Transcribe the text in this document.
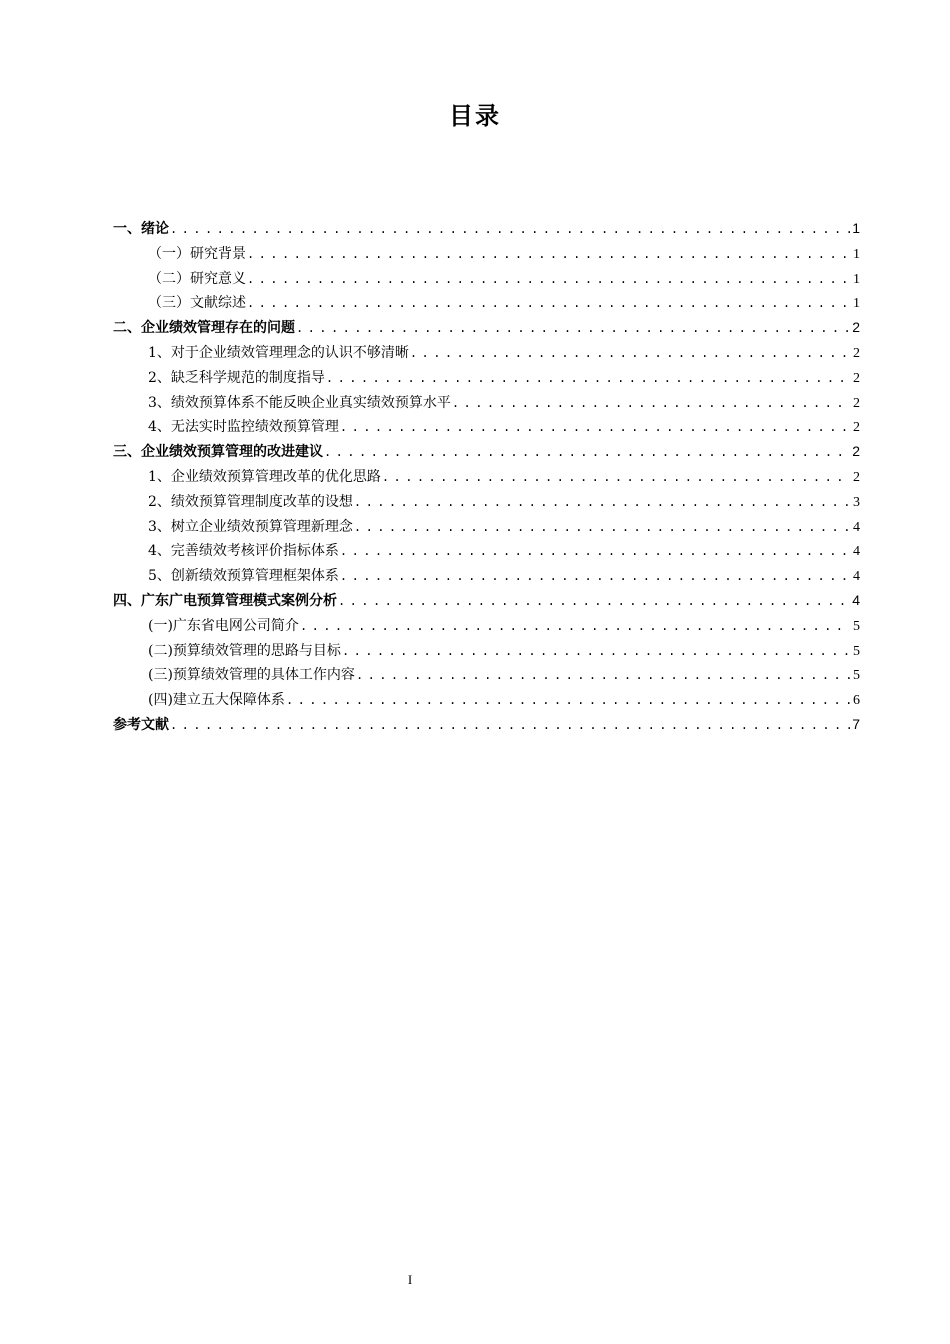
目录
一、绪论 . . .	1
（一）研究背景 . . .	1
（二）研究意义 . . .	1
（三）文献综述 . . .	1
二、企业绩效管理存在的问题 . . .	2
1、对于企业绩效管理理念的认识不够清晰 . . .	2
2、缺乏科学规范的制度指导 . . .	2
3、绩效预算体系不能反映企业真实绩效预算水平 . . .	2
4、无法实时监控绩效预算管理 . . .	2
三、企业绩效预算管理的改进建议 . . .	2
1、企业绩效预算管理改革的优化思路 . . .	2
2、绩效预算管理制度改革的设想 . . .	3
3、树立企业绩效预算管理新理念 . . .	4
4、完善绩效考核评价指标体系 . . .	4
5、创新绩效预算管理框架体系 . . .	4
四、广东广电预算管理模式案例分析 . . .	4
(一)广东省电网公司简介 . . .	5
(二)预算绩效管理的思路与目标 . . .	5
(三)预算绩效管理的具体工作内容 . . .	5
(四)建立五大保障体系 . . .	6
参考文献 . . .	7
I
